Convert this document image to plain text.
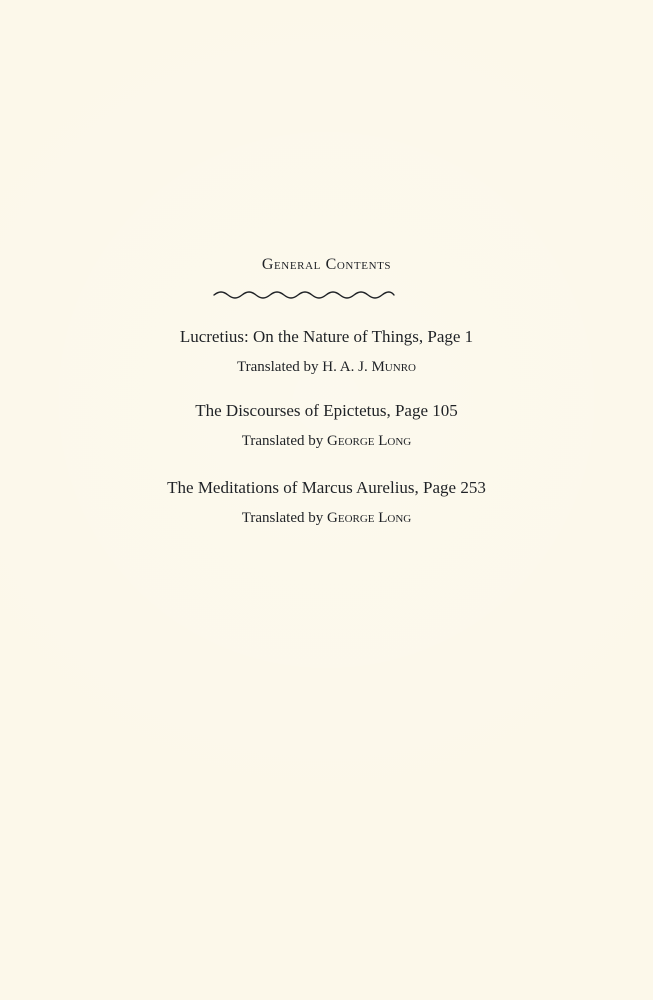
General Contents
Lucretius: On the Nature of Things, Page 1
Translated by H. A. J. Munro
The Discourses of Epictetus, Page 105
Translated by George Long
The Meditations of Marcus Aurelius, Page 253
Translated by George Long
